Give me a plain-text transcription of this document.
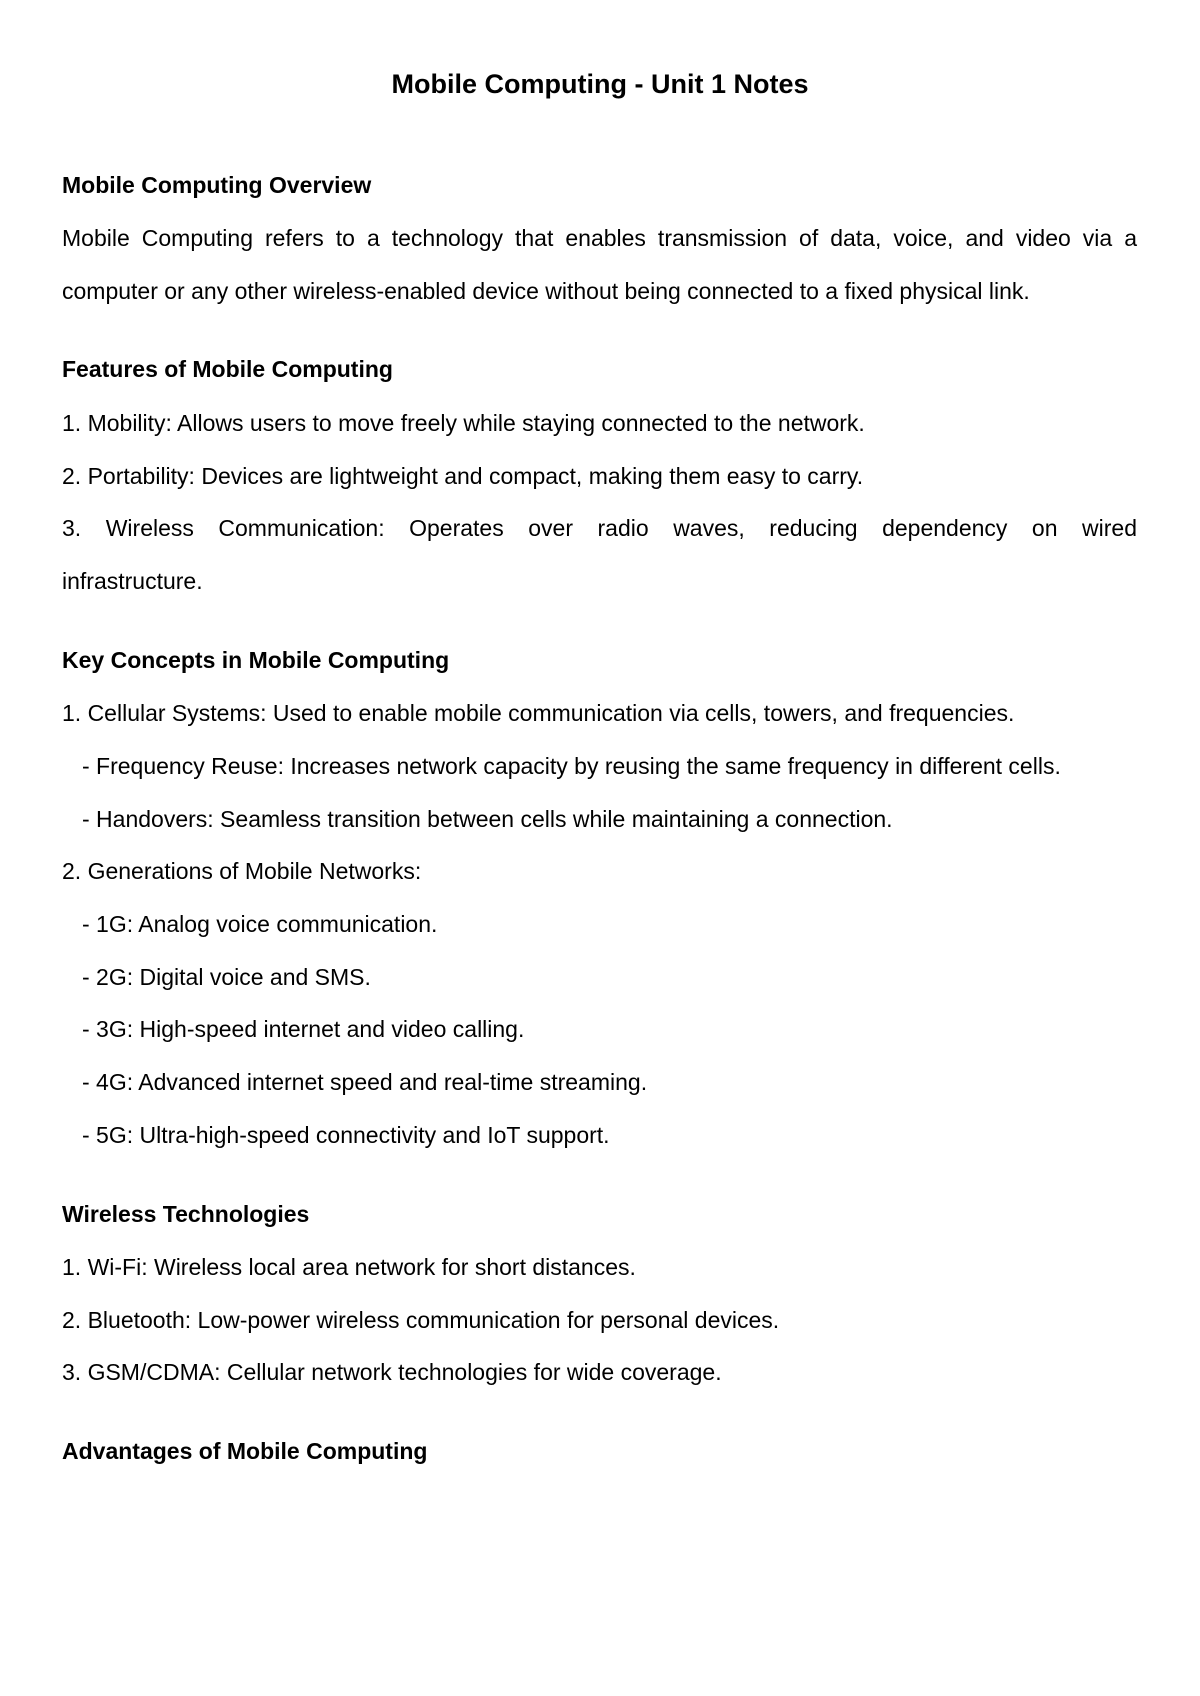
Mobile Computing - Unit 1 Notes

Mobile Computing Overview

Mobile Computing refers to a technology that enables transmission of data, voice, and video via a

computer or any other wireless-enabled device without being connected to a fixed physical link.

Features of Mobile Computing

1. Mobility: Allows users to move freely while staying connected to the network.

2. Portability: Devices are lightweight and compact, making them easy to carry.

3. Wireless Communication: Operates over radio waves, reducing dependency on wired

infrastructure.

Key Concepts in Mobile Computing

1. Cellular Systems: Used to enable mobile communication via cells, towers, and frequencies.

- Frequency Reuse: Increases network capacity by reusing the same frequency in different cells.

- Handovers: Seamless transition between cells while maintaining a connection.

2. Generations of Mobile Networks:

- 1G: Analog voice communication.

- 2G: Digital voice and SMS.

- 3G: High-speed internet and video calling.

- 4G: Advanced internet speed and real-time streaming.

- 5G: Ultra-high-speed connectivity and IoT support.

Wireless Technologies

1. Wi-Fi: Wireless local area network for short distances.

2. Bluetooth: Low-power wireless communication for personal devices.

3. GSM/CDMA: Cellular network technologies for wide coverage.

Advantages of Mobile Computing
